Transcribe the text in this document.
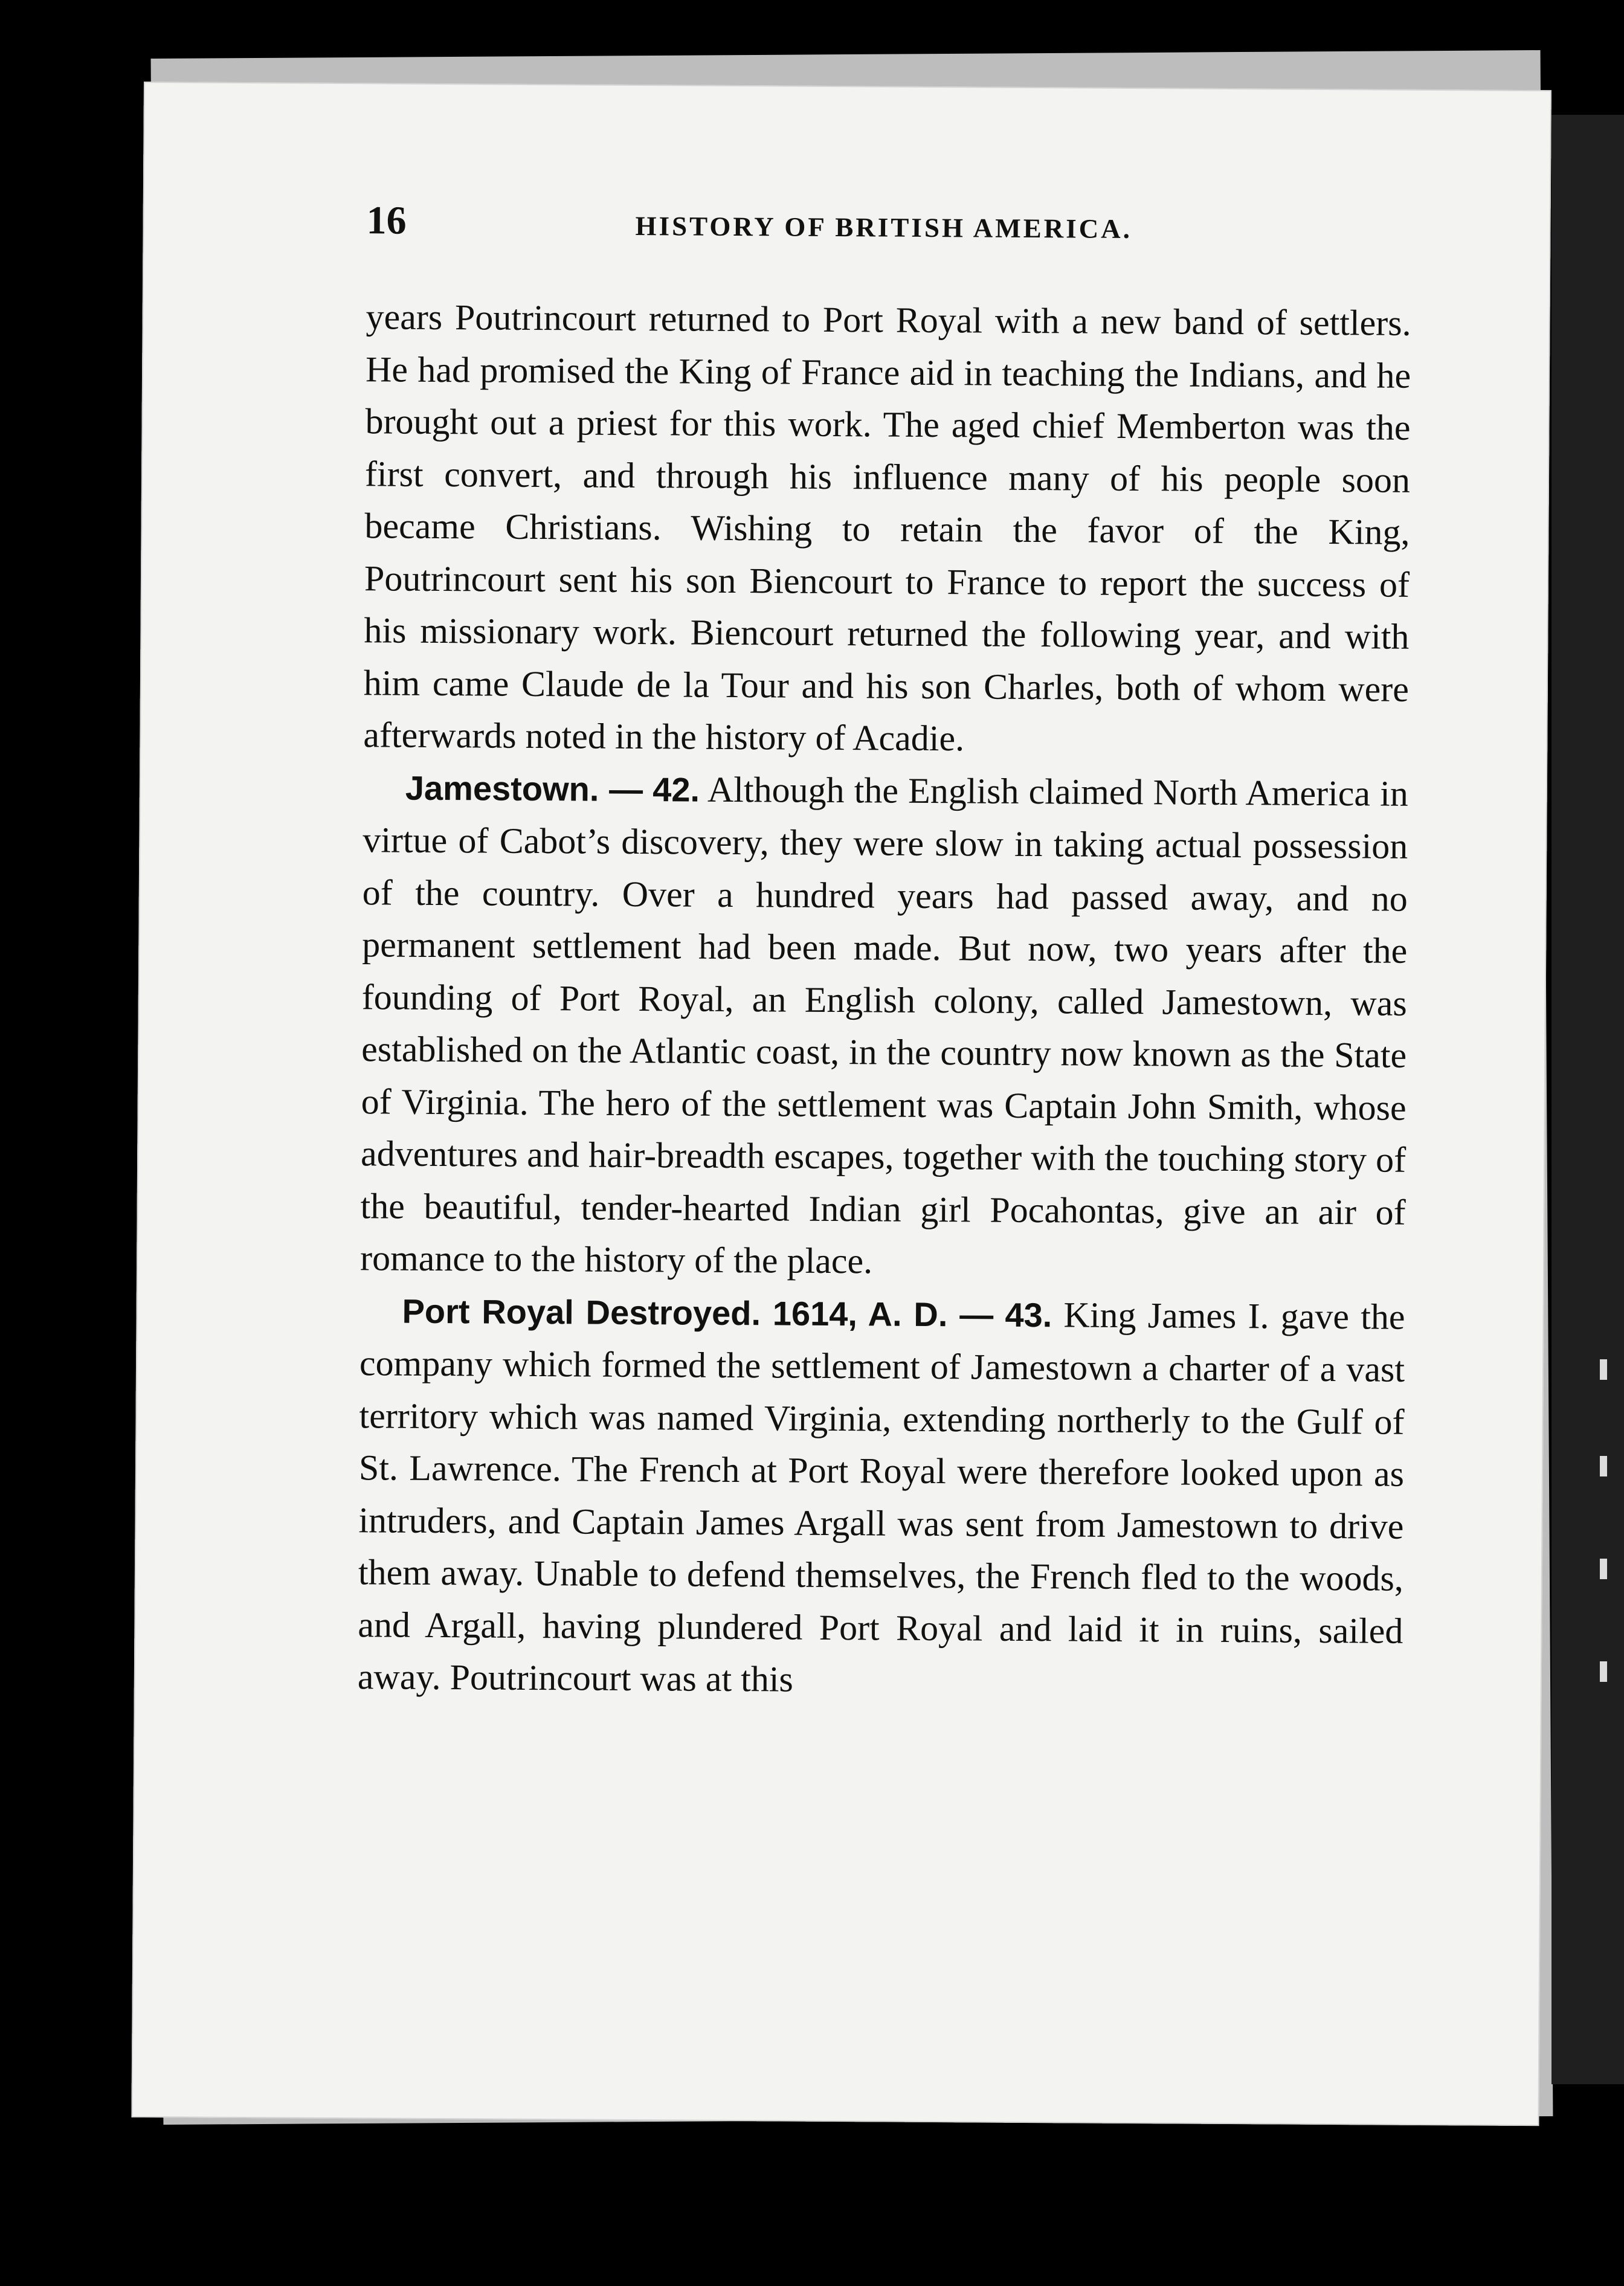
16	HISTORY OF BRITISH AMERICA.

years Poutrincourt returned to Port Royal with a new band of settlers. He had promised the King of France aid in teaching the Indians, and he brought out a priest for this work. The aged chief Memberton was the first convert, and through his influence many of his people soon became Christians. Wishing to retain the favor of the King, Poutrincourt sent his son Biencourt to France to report the success of his missionary work. Biencourt returned the following year, and with him came Claude de la Tour and his son Charles, both of whom were afterwards noted in the history of Acadie.

Jamestown. — 42. Although the English claimed North America in virtue of Cabot’s discovery, they were slow in taking actual possession of the country. Over a hundred years had passed away, and no permanent settlement had been made. But now, two years after the founding of Port Royal, an English colony, called Jamestown, was established on the Atlantic coast, in the country now known as the State of Virginia. The hero of the settlement was Captain John Smith, whose adventures and hair-breadth escapes, together with the touching story of the beautiful, tender-hearted Indian girl Pocahontas, give an air of romance to the history of the place.

Port Royal Destroyed. 1614, A. D. — 43. King James I. gave the company which formed the settlement of Jamestown a charter of a vast territory which was named Virginia, extending northerly to the Gulf of St. Lawrence. The French at Port Royal were therefore looked upon as intruders, and Captain James Argall was sent from Jamestown to drive them away. Unable to defend themselves, the French fled to the woods, and Argall, having plundered Port Royal and laid it in ruins, sailed away. Poutrincourt was at this
